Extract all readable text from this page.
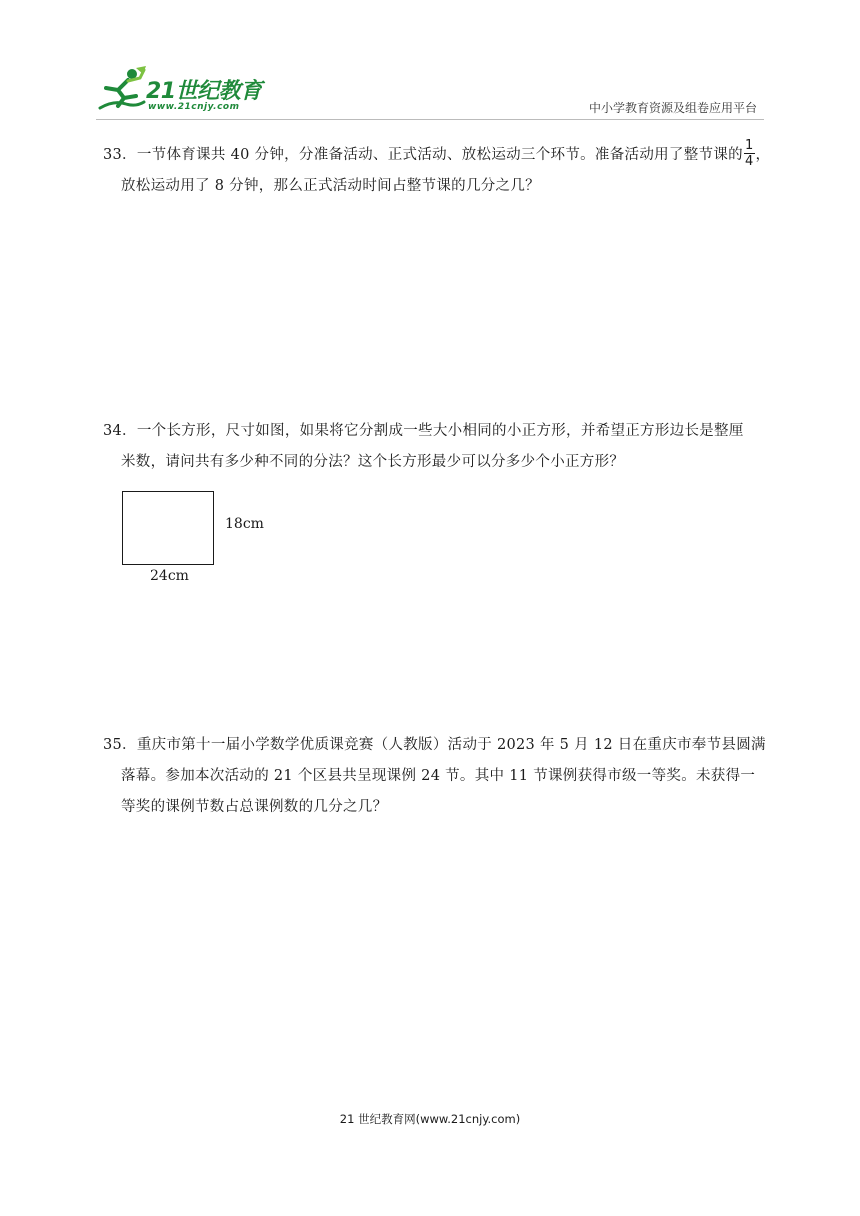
21世纪教育
www.21cnjy.com	中小学教育资源及组卷应用平台
33．一节体育课共 40 分钟，分准备活动、正式活动、放松运动三个环节。准备活动用了整节课的 $\frac{1}{4}$ ，
放松运动用了 8 分钟，那么正式活动时间占整节课的几分之几？
34．一个长方形，尺寸如图，如果将它分割成一些大小相同的小正方形，并希望正方形边长是整厘
米数，请问共有多少种不同的分法？这个长方形最少可以分多少个小正方形？
18cm
24cm
35．重庆市第十一届小学数学优质课竞赛（人教版）活动于 2023 年 5 月 12 日在重庆市奉节县圆满
落幕。参加本次活动的 21 个区县共呈现课例 24 节。其中 11 节课例获得市级一等奖。未获得一
等奖的课例节数占总课例数的几分之几？
21 世纪教育网(www.21cnjy.com)
